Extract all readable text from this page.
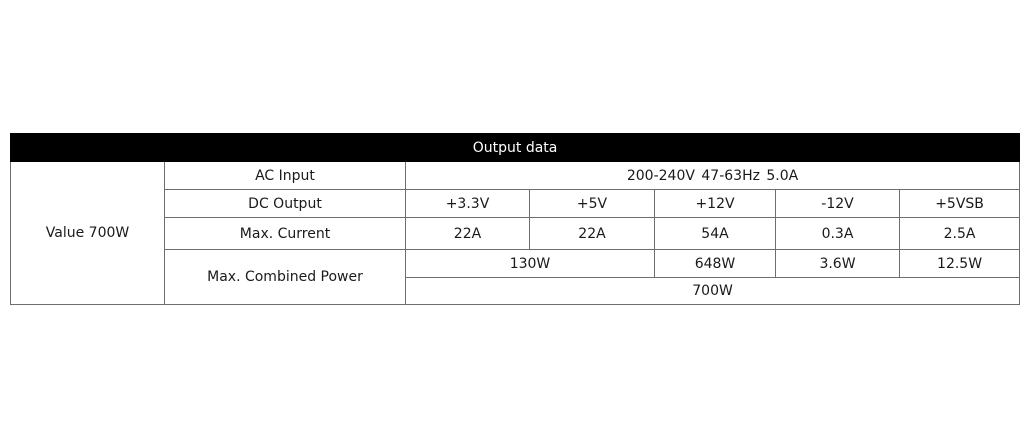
Output data						
Value 700W	AC Input	200-240V 47-63Hz 5.0A				
	DC Output	+3.3V	+5V	+12V	-12V	+5VSB
	Max. Current	22A	22A	54A	0.3A	2.5A
	Max. Combined Power	130W		648W	3.6W	12.5W
		700W				
